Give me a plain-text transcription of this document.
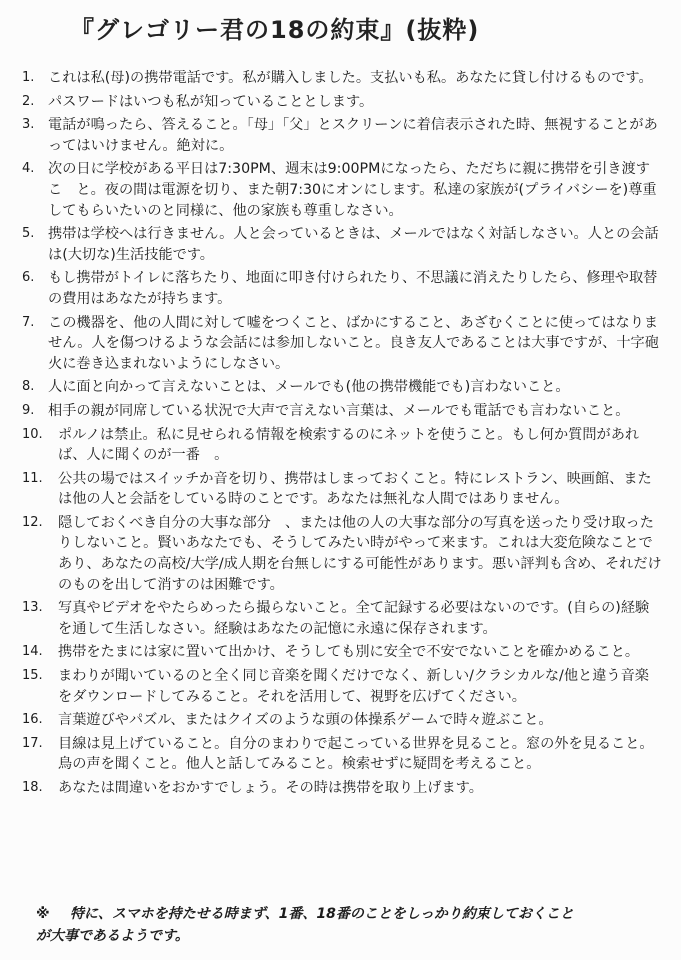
『グレゴリー君の18の約束』(抜粋)
1. これは私(母)の携帯電話です。私が購入しました。支払いも私。あなたに貸し付けるものです。
2. パスワードはいつも私が知っていることとします。
3. 電話が鳴ったら、答えること。「母」「父」とスクリーンに着信表示された時、無視することがあってはいけません。絶対に。
4. 次の日に学校がある平日は7:30PM、週末は9:00PMになったら、ただちに親に携帯を引き渡すこ　と。夜の間は電源を切り、また朝7:30にオンにします。私達の家族が(プライバシーを)尊重してもらいたいのと同様に、他の家族も尊重しなさい。
5. 携帯は学校へは行きません。人と会っているときは、メールではなく対話しなさい。人との会話は(大切な)生活技能です。
6. もし携帯がトイレに落ちたり、地面に叩き付けられたり、不思議に消えたりしたら、修理や取替の費用はあなたが持ちます。
7. この機器を、他の人間に対して嘘をつくこと、ばかにすること、あざむくことに使ってはなりません。人を傷つけるような会話には参加しないこと。良き友人であることは大事ですが、十字砲火に巻き込まれないようにしなさい。
8. 人に面と向かって言えないことは、メールでも(他の携帯機能でも)言わないこと。
9. 相手の親が同席している状況で大声で言えない言葉は、メールでも電話でも言わないこと。
10. ポルノは禁止。私に見せられる情報を検索するのにネットを使うこと。もし何か質問があれば、人に聞くのが一番　。
11. 公共の場ではスイッチか音を切り、携帯はしまっておくこと。特にレストラン、映画館、または他の人と会話をしている時のことです。あなたは無礼な人間ではありません。
12. 隠しておくべき自分の大事な部分　、または他の人の大事な部分の写真を送ったり受け取ったりしないこと。賢いあなたでも、そうしてみたい時がやって来ます。これは大変危険なことであり、あなたの高校/大学/成人期を台無しにする可能性があります。悪い評判も含め、それだけのものを出して消すのは困難です。
13. 写真やビデオをやたらめったら撮らないこと。全て記録する必要はないのです。(自らの)経験を通して生活しなさい。経験はあなたの記憶に永遠に保存されます。
14. 携帯をたまには家に置いて出かけ、そうしても別に安全で不安でないことを確かめること。
15. まわりが聞いているのと全く同じ音楽を聞くだけでなく、新しい/クラシカルな/他と違う音楽をダウンロードしてみること。それを活用して、視野を広げてください。
16. 言葉遊びやパズル、またはクイズのような頭の体操系ゲームで時々遊ぶこと。
17. 目線は見上げていること。自分のまわりで起こっている世界を見ること。窓の外を見ること。鳥の声を聞くこと。他人と話してみること。検索せずに疑問を考えること。
18. あなたは間違いをおかすでしょう。その時は携帯を取り上げます。
※ 特に、スマホを持たせる時まず、1番、18番のことをしっかり約束しておくこと
が大事であるようです。
